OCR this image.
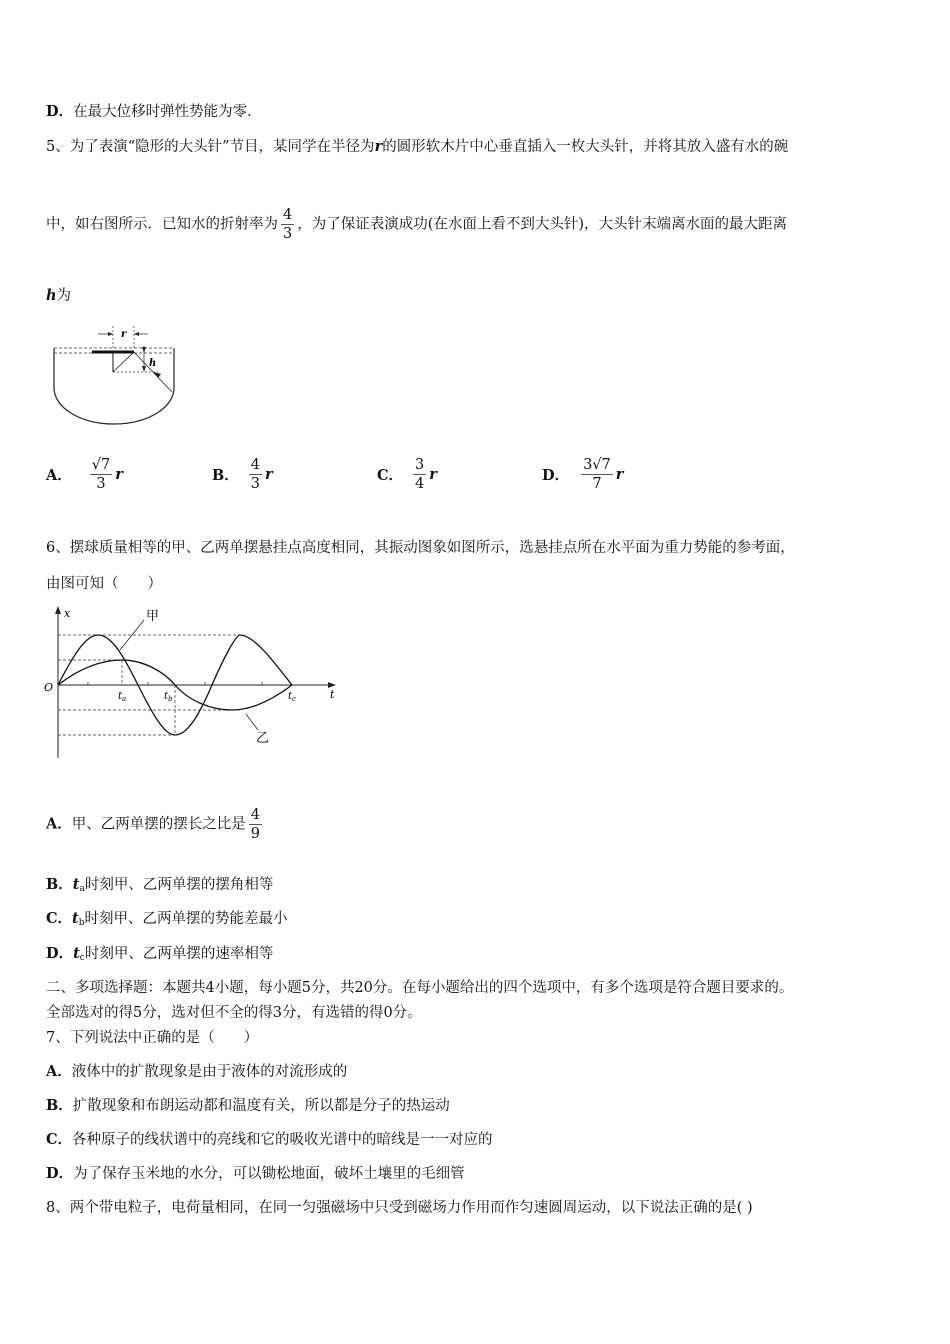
D．在最大位移时弹性势能为零．
5、为了表演“隐形的大头针”节目，某同学在半径为r的圆形软木片中心垂直插入一枚大头针，并将其放入盛有水的碗
中，如右图所示．已知水的折射率为 $\frac{4}{3}$ ，为了保证表演成功(在水面上看不到大头针)，大头针末端离水面的最大距离
h为
r
h
A． $\frac{√7}{3}$ r	B． $\frac{4}{3}$ r	C． $\frac{3}{4}$ r	D． $\frac{3√7}{7}$ r
6、摆球质量相等的甲、乙两单摆悬挂点高度相同，其振动图象如图所示，选悬挂点所在水平面为重力势能的参考面，
由图可知（　　）
x
t
O
$t_a$	$t_b$	$t_c$
甲
乙
A．甲、乙两单摆的摆长之比是 $\frac{4}{9}$
B．$t_a$时刻甲、乙两单摆的摆角相等
C．$t_b$时刻甲、乙两单摆的势能差最小
D．$t_c$时刻甲、乙两单摆的速率相等
二、多项选择题：本题共4小题，每小题5分，共20分。在每小题给出的四个选项中，有多个选项是符合题目要求的。
全部选对的得5分，选对但不全的得3分，有选错的得0分。
7、下列说法中正确的是（　　）
A．液体中的扩散现象是由于液体的对流形成的
B．扩散现象和布朗运动都和温度有关，所以都是分子的热运动
C．各种原子的线状谱中的亮线和它的吸收光谱中的暗线是一一对应的
D．为了保存玉米地的水分，可以锄松地面，破坏土壤里的毛细管
8、两个带电粒子，电荷量相同，在同一匀强磁场中只受到磁场力作用而作匀速圆周运动，以下说法正确的是( )
